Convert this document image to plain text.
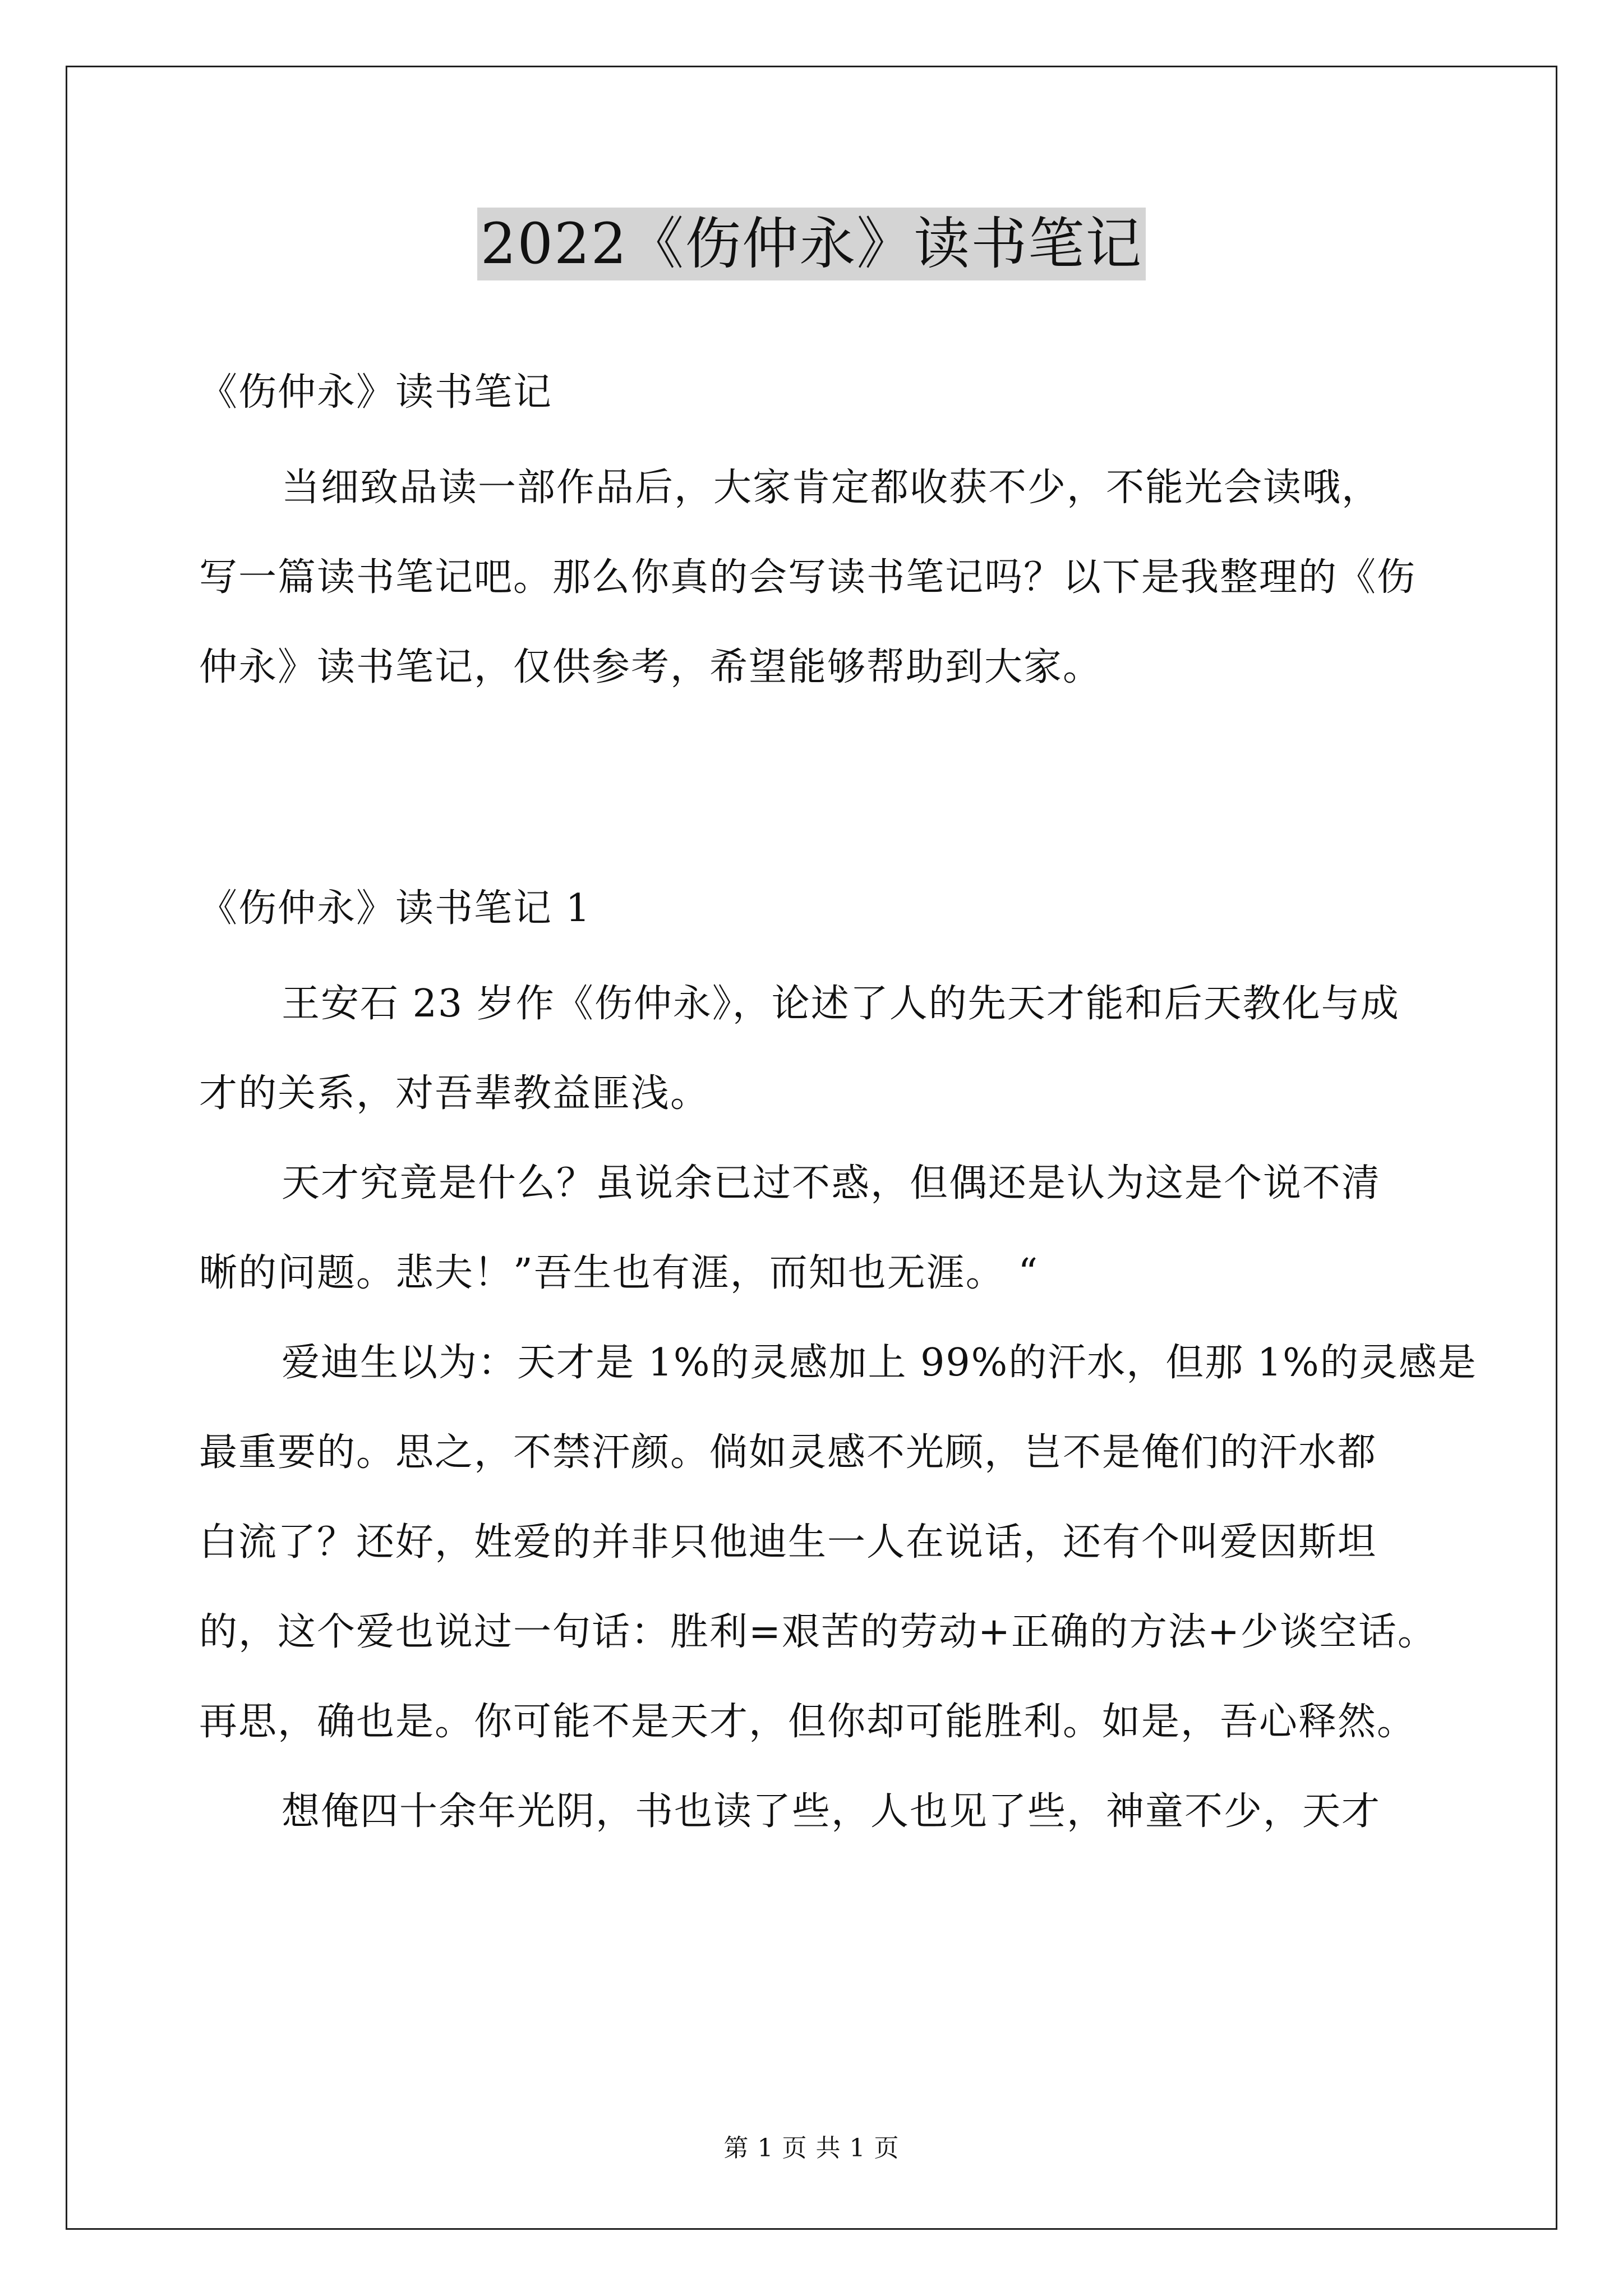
2022《伤仲永》读书笔记

《伤仲永》读书笔记

当细致品读一部作品后，大家肯定都收获不少，不能光会读哦，

写一篇读书笔记吧。那么你真的会写读书笔记吗？以下是我整理的《伤

仲永》读书笔记，仅供参考，希望能够帮助到大家。

《伤仲永》读书笔记 1

王安石 23 岁作《伤仲永》，论述了人的先天才能和后天教化与成

才的关系，对吾辈教益匪浅。

天才究竟是什么？虽说余已过不惑，但偶还是认为这是个说不清

晰的问题。悲夫！”吾生也有涯，而知也无涯。 “

爱迪生以为：天才是 1%的灵感加上 99%的汗水，但那 1%的灵感是

最重要的。思之，不禁汗颜。倘如灵感不光顾，岂不是俺们的汗水都

白流了？还好，姓爱的并非只他迪生一人在说话，还有个叫爱因斯坦

的，这个爱也说过一句话：胜利=艰苦的劳动+正确的方法+少谈空话。

再思，确也是。你可能不是天才，但你却可能胜利。如是，吾心释然。

想俺四十余年光阴，书也读了些，人也见了些，神童不少，天才

第 1 页 共 1 页
